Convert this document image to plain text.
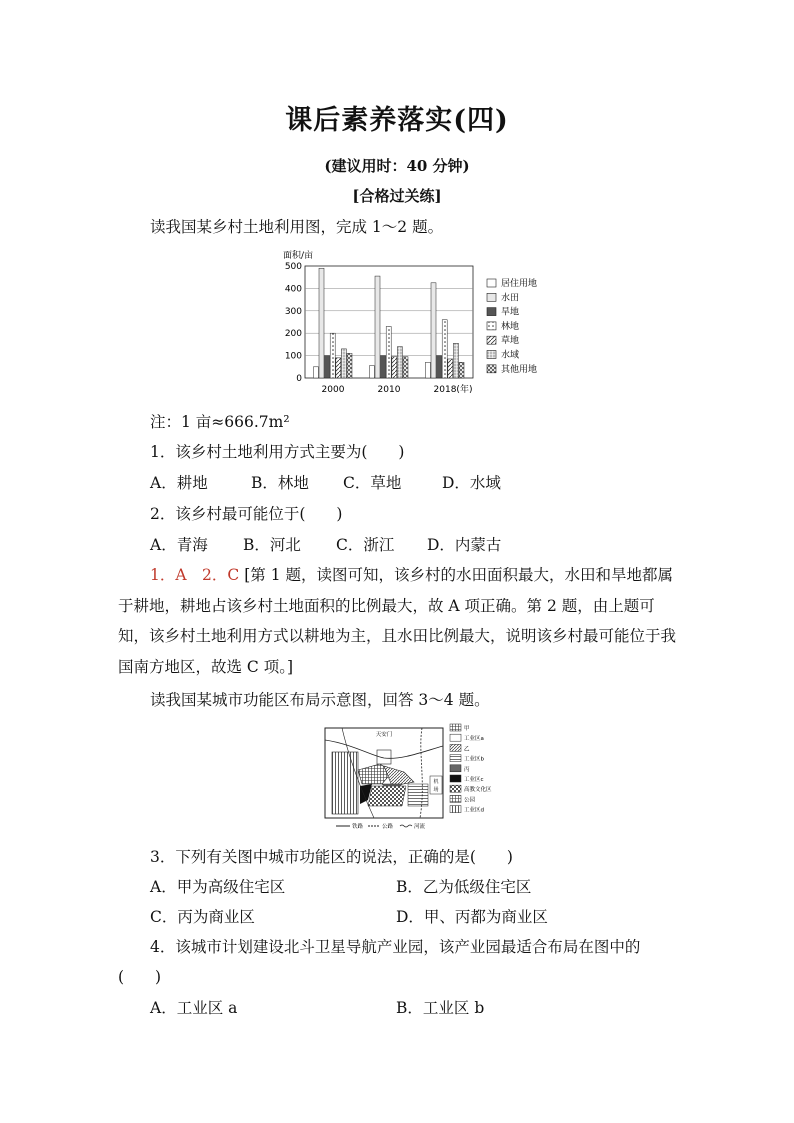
课后素养落实(四)
(建议用时：40 分钟)
[合格过关练]
读我国某乡村土地利用图，完成 1～2 题。
面积/亩
0
100
200
300
400
500
2000	2010	2018(年)
居住用地
水田
旱地
林地
草地
水域
其他用地
注：1 亩≈666.7m²
1．该乡村土地利用方式主要为(　　)
A．耕地	B．林地 C．草地	D．水域
2．该乡村最可能位于(　　)
A．青海 B．河北 C．浙江 D．内蒙古
1．A　2．C [第 1 题，读图可知，该乡村的水田面积最大，水田和旱地都属于耕地，耕地占该乡村土地面积的比例最大，故 A 项正确。第 2 题，由上题可知，该乡村土地利用方式以耕地为主，且水田比例最大，说明该乡村最可能位于我国南方地区，故选 C 项。]
读我国某城市功能区布局示意图，回答 3～4 题。
天安门
机
场
铁路	公路	河流
甲
工业区a
乙
工业区b
丙
工业区c
高教文化区
公园
工业区d
3．下列有关图中城市功能区的说法，正确的是(　　)
A．甲为高级住宅区	B．乙为低级住宅区
C．丙为商业区	D．甲、丙都为商业区
4．该城市计划建设北斗卫星导航产业园，该产业园最适合布局在图中的
(　　)
A．工业区 a	B．工业区 b
